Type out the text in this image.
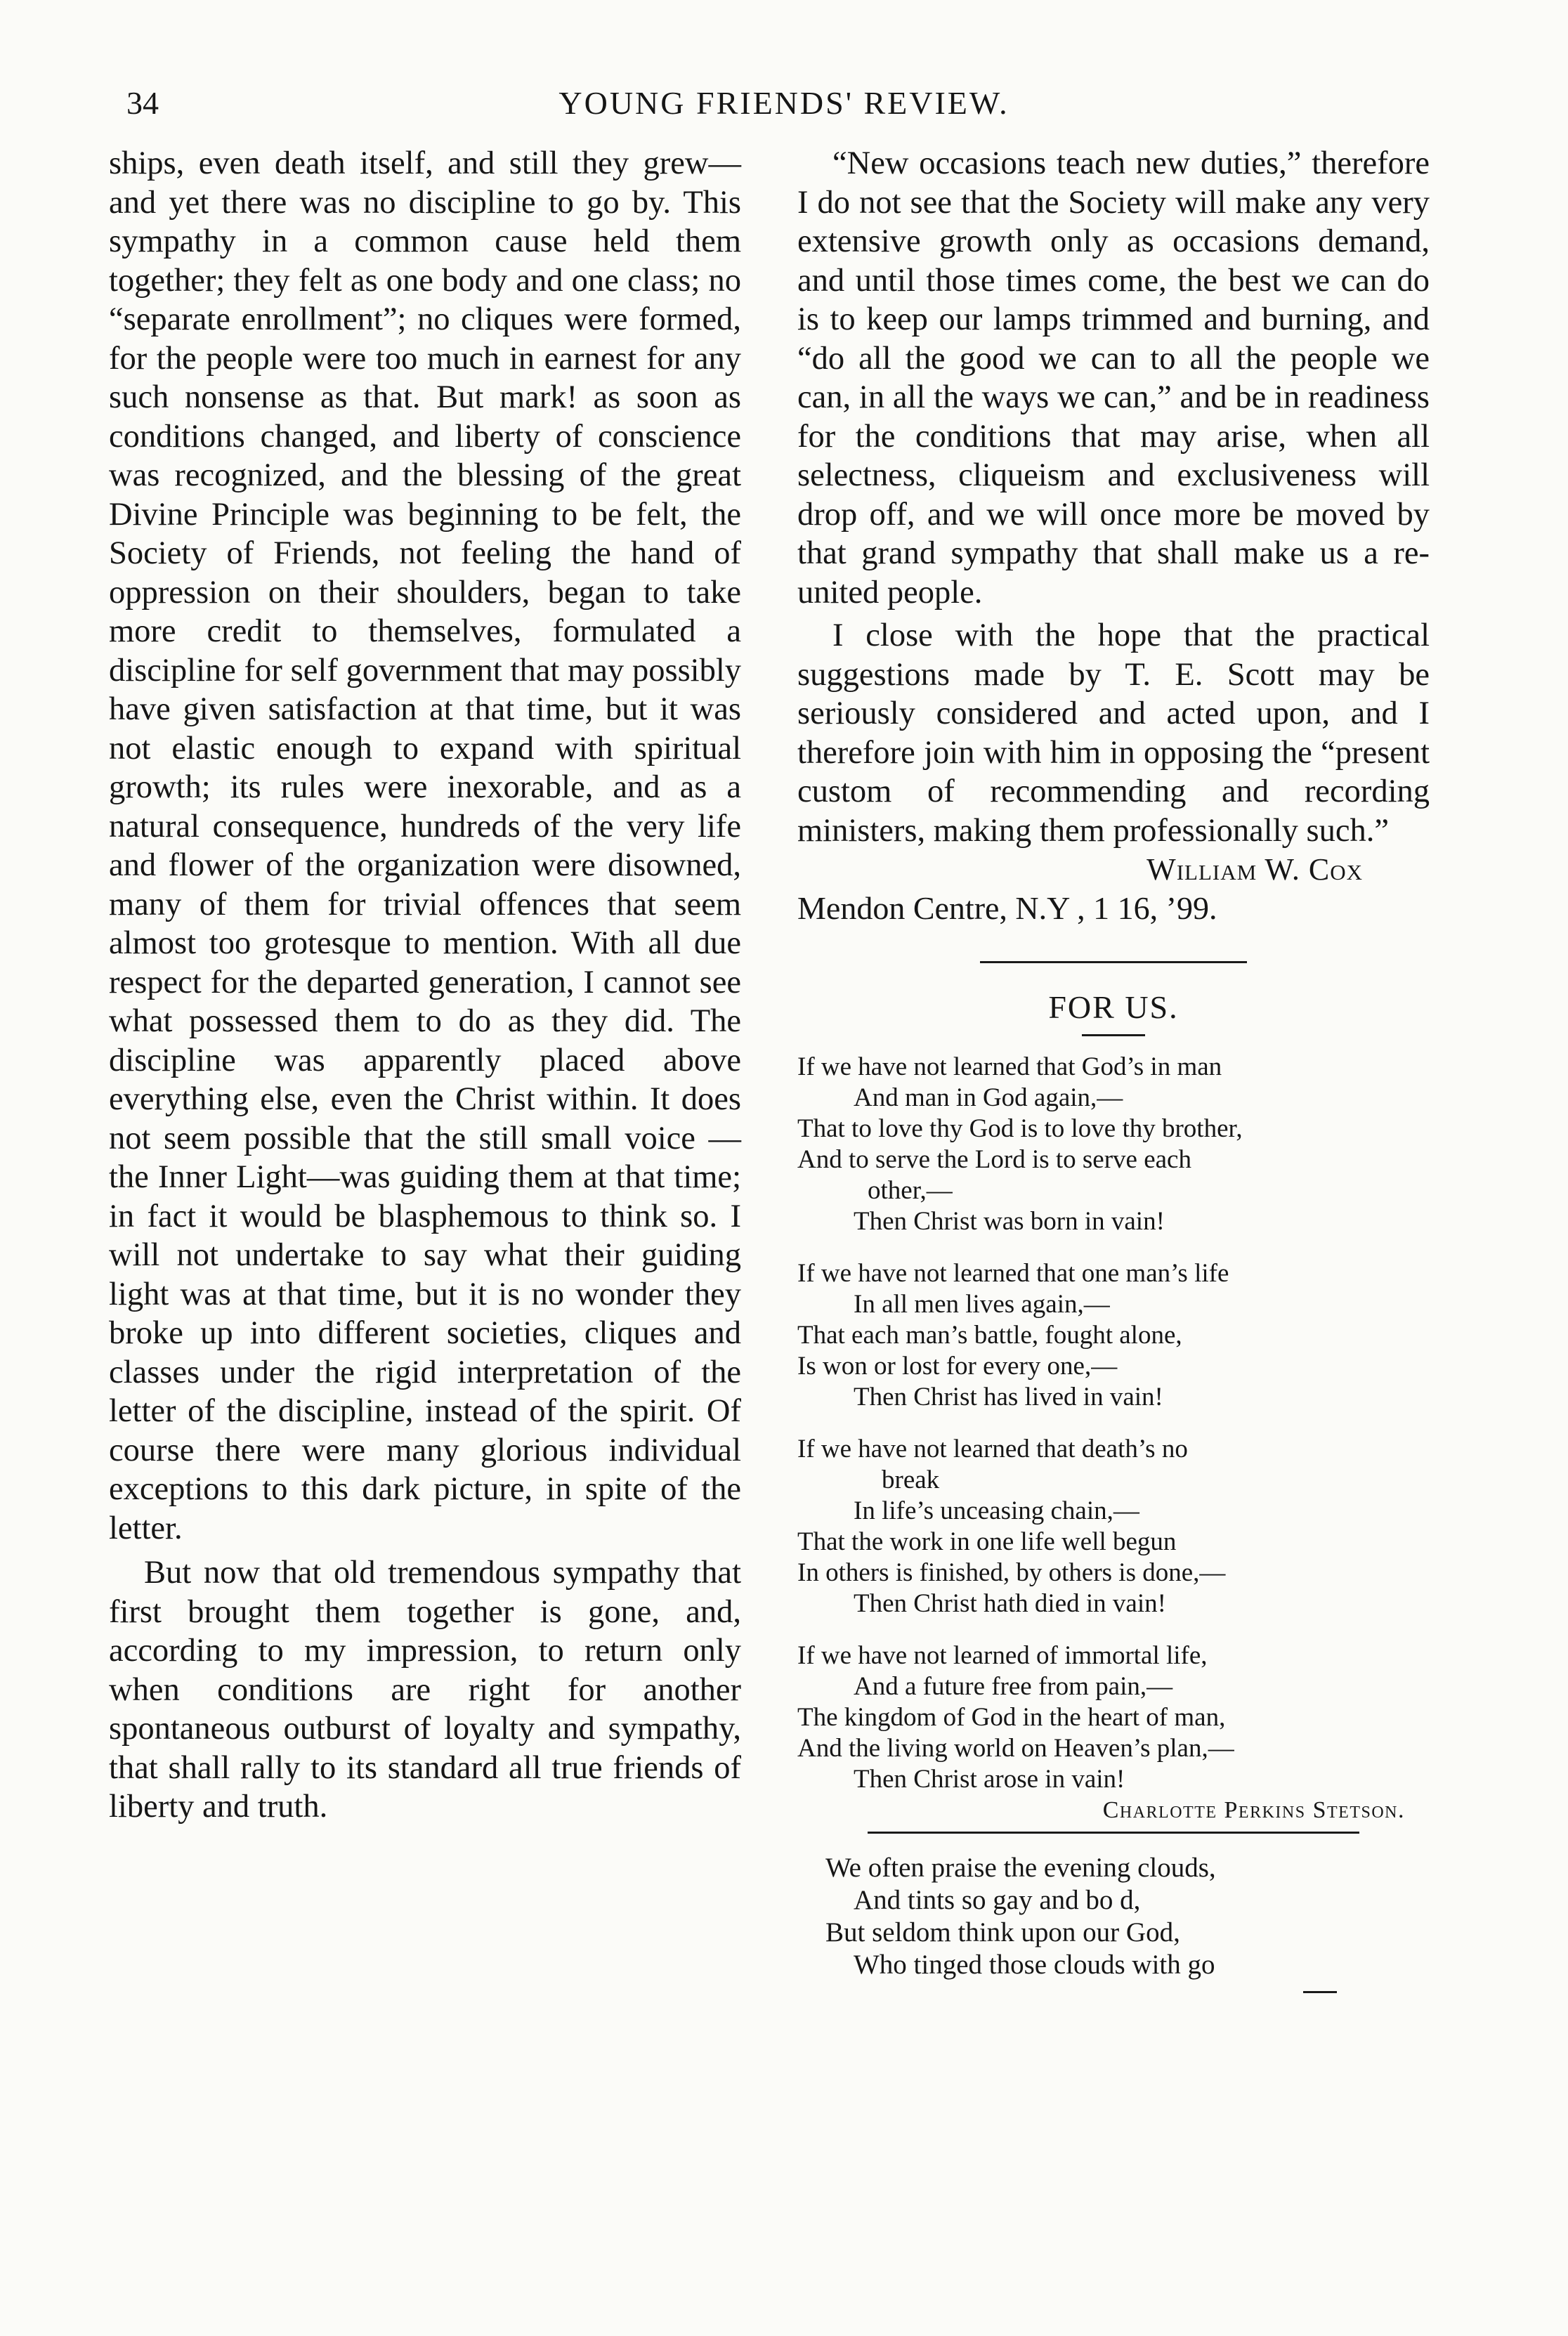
34	YOUNG FRIENDS' REVIEW.

ships, even death itself, and still they grew—and yet there was no discipline to go by. This sympathy in a common cause held them together; they felt as one body and one class; no “separate enrollment”; no cliques were formed, for the people were too much in earnest for any such nonsense as that. But mark! as soon as conditions changed, and liberty of conscience was recognized, and the blessing of the great Divine Principle was beginning to be felt, the Society of Friends, not feeling the hand of oppression on their shoulders, began to take more credit to themselves, formulated a discipline for self government that may possibly have given satisfaction at that time, but it was not elastic enough to expand with spiritual growth; its rules were inexorable, and as a natural consequence, hundreds of the very life and flower of the organization were disowned, many of them for trivial offences that seem almost too grotesque to mention. With all due respect for the departed generation, I cannot see what possessed them to do as they did. The discipline was apparently placed above everything else, even the Christ within. It does not seem possible that the still small voice —the Inner Light—was guiding them at that time; in fact it would be blasphemous to think so. I will not undertake to say what their guiding light was at that time, but it is no wonder they broke up into different societies, cliques and classes under the rigid interpretation of the letter of the discipline, instead of the spirit. Of course there were many glorious individual exceptions to this dark picture, in spite of the letter.

But now that old tremendous sympathy that first brought them together is gone, and, according to my impression, to return only when conditions are right for another spontaneous outburst of loyalty and sympathy, that shall rally to its standard all true friends of liberty and truth.

“New occasions teach new duties,” therefore I do not see that the Society will make any very extensive growth only as occasions demand, and until those times come, the best we can do is to keep our lamps trimmed and burning, and “do all the good we can to all the people we can, in all the ways we can,” and be in readiness for the conditions that may arise, when all selectness, cliqueism and exclusiveness will drop off, and we will once more be moved by that grand sympathy that shall make us a re-united people.

I close with the hope that the practical suggestions made by T. E. Scott may be seriously considered and acted upon, and I therefore join with him in opposing the “present custom of recommending and recording ministers, making them professionally such.”

William W. Cox
Mendon Centre, N.Y , 1 16, ’99.
FOR US.
If we have not learned that God’s in man
And man in God again,—
That to love thy God is to love thy brother,
And to serve the Lord is to serve each
other,—
Then Christ was born in vain!
If we have not learned that one man’s life
In all men lives again,—
That each man’s battle, fought alone,
Is won or lost for every one,—
Then Christ has lived in vain!
If we have not learned that death’s no
break
In life’s unceasing chain,—
That the work in one life well begun
In others is finished, by others is done,—
Then Christ hath died in vain!
If we have not learned of immortal life,
And a future free from pain,—
The kingdom of God in the heart of man,
And the living world on Heaven’s plan,—
Then Christ arose in vain!
Charlotte Perkins Stetson.
We often praise the evening clouds,
And tints so gay and bo d,
But seldom think upon our God,
Who tinged those clouds with go
